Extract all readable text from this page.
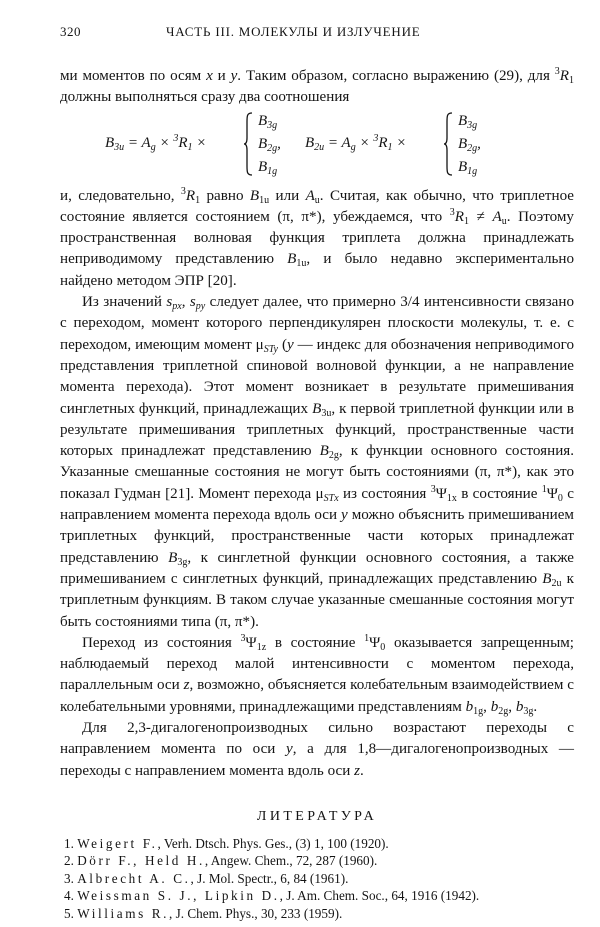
320	ЧАСТЬ III. МОЛЕКУЛЫ И ИЗЛУЧЕНИЕ

ми моментов по осям x и y. Таким образом, согласно выражению (29), для $^3R_1$ должны выполняться сразу два соотношения

$B_{3u} = A_g \times ^3R_1$ ×
$B_{3g}$
$B_{2g}$,
$B_{1g}$
$B_{2u} = A_g \times ^3R_1$ ×
$B_{3g}$
$B_{2g}$,
$B_{1g}$

и, следовательно, $^3R_1$ равно $B_{1u}$ или $A_u$. Считая, как обычно, что триплетное состояние является состоянием (π, π*), убеждаемся, что $^3R_1 \ne A_u$. Поэтому пространственная волновая функция триплета должна принадлежать неприводимому представлению $B_{1u}$, и было недавно экспериментально найдено методом ЭПР [20].

Из значений $s_{px}$, $s_{py}$ следует далее, что примерно 3/4 интенсивности связано с переходом, момент которого перпендикулярен плоскости молекулы, т. е. с переходом, имеющим момент $\mu_{STy}$ (y — индекс для обозначения неприводимого представления триплетной спиновой волновой функции, а не направление момента перехода). Этот момент возникает в результате примешивания синглетных функций, принадлежащих $B_{3u}$, к первой триплетной функции или в результате примешивания триплетных функций, пространственные части которых принадлежат представлению $B_{2g}$, к функции основного состояния. Указанные смешанные состояния не могут быть состояниями (π, π*), как это показал Гудман [21]. Момент перехода $\mu_{STx}$ из состояния $^3\Psi_{1x}$ в состояние $^1\Psi_0$ с направлением момента перехода вдоль оси y можно объяснить примешиванием триплетных функций, пространственные части которых принадлежат представлению $B_{3g}$, к синглетной функции основного состояния, а также примешиванием с синглетных функций, принадлежащих представлению $B_{2u}$ к триплетным функциям. В таком случае указанные смешанные состояния могут быть состояниями типа (π, π*).

Переход из состояния $^3\Psi_{1z}$ в состояние $^1\Psi_0$ оказывается запрещенным; наблюдаемый переход малой интенсивности с моментом перехода, параллельным оси z, возможно, объясняется колебательным взаимодействием с колебательными уровнями, принадлежащими представлениям $b_{1g}$, $b_{2g}$, $b_{3g}$.

Для 2,3-дигалогенопроизводных сильно возрастают переходы с направлением момента по оси y, а для 1,8—дигалогенопроизводных — переходы с направлением момента вдоль оси z.

ЛИТЕРАТУРА
1. Weigert F., Verh. Dtsch. Phys. Ges., (3) 1, 100 (1920).
2. Dörr F., Held H., Angew. Chem., 72, 287 (1960).
3. Albrecht A. C., J. Mol. Spectr., 6, 84 (1961).
4. Weissman S. J., Lipkin D., J. Am. Chem. Soc., 64, 1916 (1942).
5. Williams R., J. Chem. Phys., 30, 233 (1959).
